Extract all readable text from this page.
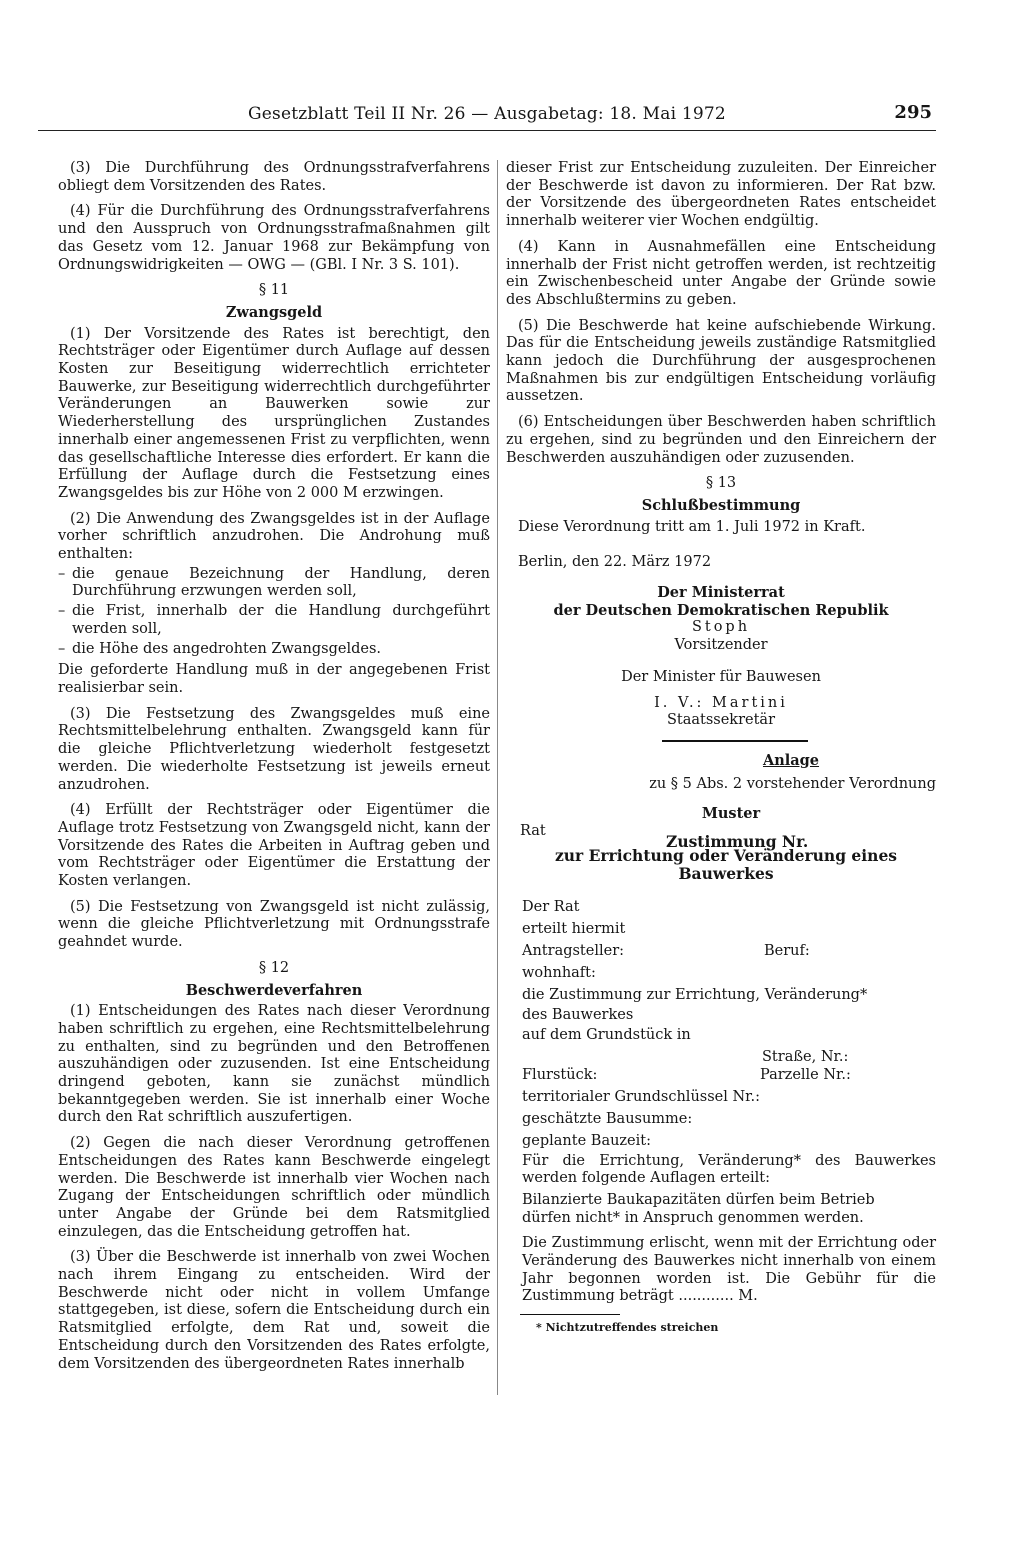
Gesetzblatt Teil II Nr. 26 — Ausgabetag: 18. Mai 1972	295

(3) Die Durchführung des Ordnungsstrafverfahrens obliegt dem Vorsitzenden des Rates.

(4) Für die Durchführung des Ordnungsstrafverfahrens und den Ausspruch von Ordnungsstrafmaßnahmen gilt das Gesetz vom 12. Januar 1968 zur Bekämpfung von Ordnungswidrigkeiten — OWG — (GBl. I Nr. 3 S. 101).

§ 11

Zwangsgeld

(1) Der Vorsitzende des Rates ist berechtigt, den Rechtsträger oder Eigentümer durch Auflage auf dessen Kosten zur Beseitigung widerrechtlich errichteter Bauwerke, zur Beseitigung widerrechtlich durchgeführter Veränderungen an Bauwerken sowie zur Wiederherstellung des ursprünglichen Zustandes innerhalb einer angemessenen Frist zu verpflichten, wenn das gesellschaftliche Interesse dies erfordert. Er kann die Erfüllung der Auflage durch die Festsetzung eines Zwangsgeldes bis zur Höhe von 2 000 M erzwingen.

(2) Die Anwendung des Zwangsgeldes ist in der Auflage vorher schriftlich anzudrohen. Die Androhung muß enthalten:

– die genaue Bezeichnung der Handlung, deren Durchführung erzwungen werden soll,
– die Frist, innerhalb der die Handlung durchgeführt werden soll,
– die Höhe des angedrohten Zwangsgeldes.

Die geforderte Handlung muß in der angegebenen Frist realisierbar sein.

(3) Die Festsetzung des Zwangsgeldes muß eine Rechtsmittelbelehrung enthalten. Zwangsgeld kann für die gleiche Pflichtverletzung wiederholt festgesetzt werden. Die wiederholte Festsetzung ist jeweils erneut anzudrohen.

(4) Erfüllt der Rechtsträger oder Eigentümer die Auflage trotz Festsetzung von Zwangsgeld nicht, kann der Vorsitzende des Rates die Arbeiten in Auftrag geben und vom Rechtsträger oder Eigentümer die Erstattung der Kosten verlangen.

(5) Die Festsetzung von Zwangsgeld ist nicht zulässig, wenn die gleiche Pflichtverletzung mit Ordnungsstrafe geahndet wurde.

§ 12

Beschwerdeverfahren

(1) Entscheidungen des Rates nach dieser Verordnung haben schriftlich zu ergehen, eine Rechtsmittelbelehrung zu enthalten, sind zu begründen und den Betroffenen auszuhändigen oder zuzusenden. Ist eine Entscheidung dringend geboten, kann sie zunächst mündlich bekanntgegeben werden. Sie ist innerhalb einer Woche durch den Rat schriftlich auszufertigen.

(2) Gegen die nach dieser Verordnung getroffenen Entscheidungen des Rates kann Beschwerde eingelegt werden. Die Beschwerde ist innerhalb vier Wochen nach Zugang der Entscheidungen schriftlich oder mündlich unter Angabe der Gründe bei dem Ratsmitglied einzulegen, das die Entscheidung getroffen hat.

(3) Über die Beschwerde ist innerhalb von zwei Wochen nach ihrem Eingang zu entscheiden. Wird der Beschwerde nicht oder nicht in vollem Umfange stattgegeben, ist diese, sofern die Entscheidung durch ein Ratsmitglied erfolgte, dem Rat und, soweit die Entscheidung durch den Vorsitzenden des Rates erfolgte, dem Vorsitzenden des übergeordneten Rates innerhalb

dieser Frist zur Entscheidung zuzuleiten. Der Einreicher der Beschwerde ist davon zu informieren. Der Rat bzw. der Vorsitzende des übergeordneten Rates entscheidet innerhalb weiterer vier Wochen endgültig.

(4) Kann in Ausnahmefällen eine Entscheidung innerhalb der Frist nicht getroffen werden, ist rechtzeitig ein Zwischenbescheid unter Angabe der Gründe sowie des Abschlußtermins zu geben.

(5) Die Beschwerde hat keine aufschiebende Wirkung. Das für die Entscheidung jeweils zuständige Ratsmitglied kann jedoch die Durchführung der ausgesprochenen Maßnahmen bis zur endgültigen Entscheidung vorläufig aussetzen.

(6) Entscheidungen über Beschwerden haben schriftlich zu ergehen, sind zu begründen und den Einreichern der Beschwerden auszuhändigen oder zuzusenden.

§ 13

Schlußbestimmung

Diese Verordnung tritt am 1. Juli 1972 in Kraft.

Berlin, den 22. März 1972

Der Ministerrat

der Deutschen Demokratischen Republik

Stoph

Vorsitzender

Der Minister für Bauwesen

I. V.: Martini

Staatssekretär

Anlage

zu § 5 Abs. 2 vorstehender Verordnung

Muster

Rat
Zustimmung Nr.

zur Errichtung oder Veränderung eines Bauwerkes

Der Rat
erteilt hiermit
Antragsteller:	Beruf:
wohnhaft:
die Zustimmung zur Errichtung, Veränderung*
des Bauwerkes
auf dem Grundstück in
Straße, Nr.:
Flurstück:	Parzelle Nr.:
territorialer Grundschlüssel Nr.:
geschätzte Bausumme:
geplante Bauzeit:

Für die Errichtung, Veränderung* des Bauwerkes werden folgende Auflagen erteilt:

Bilanzierte Baukapazitäten dürfen beim Betrieb

dürfen nicht* in Anspruch genommen werden.

Die Zustimmung erlischt, wenn mit der Errichtung oder Veränderung des Bauwerkes nicht innerhalb von einem Jahr begonnen worden ist. Die Gebühr für die Zustimmung beträgt ............ M.

* Nichtzutreffendes streichen
